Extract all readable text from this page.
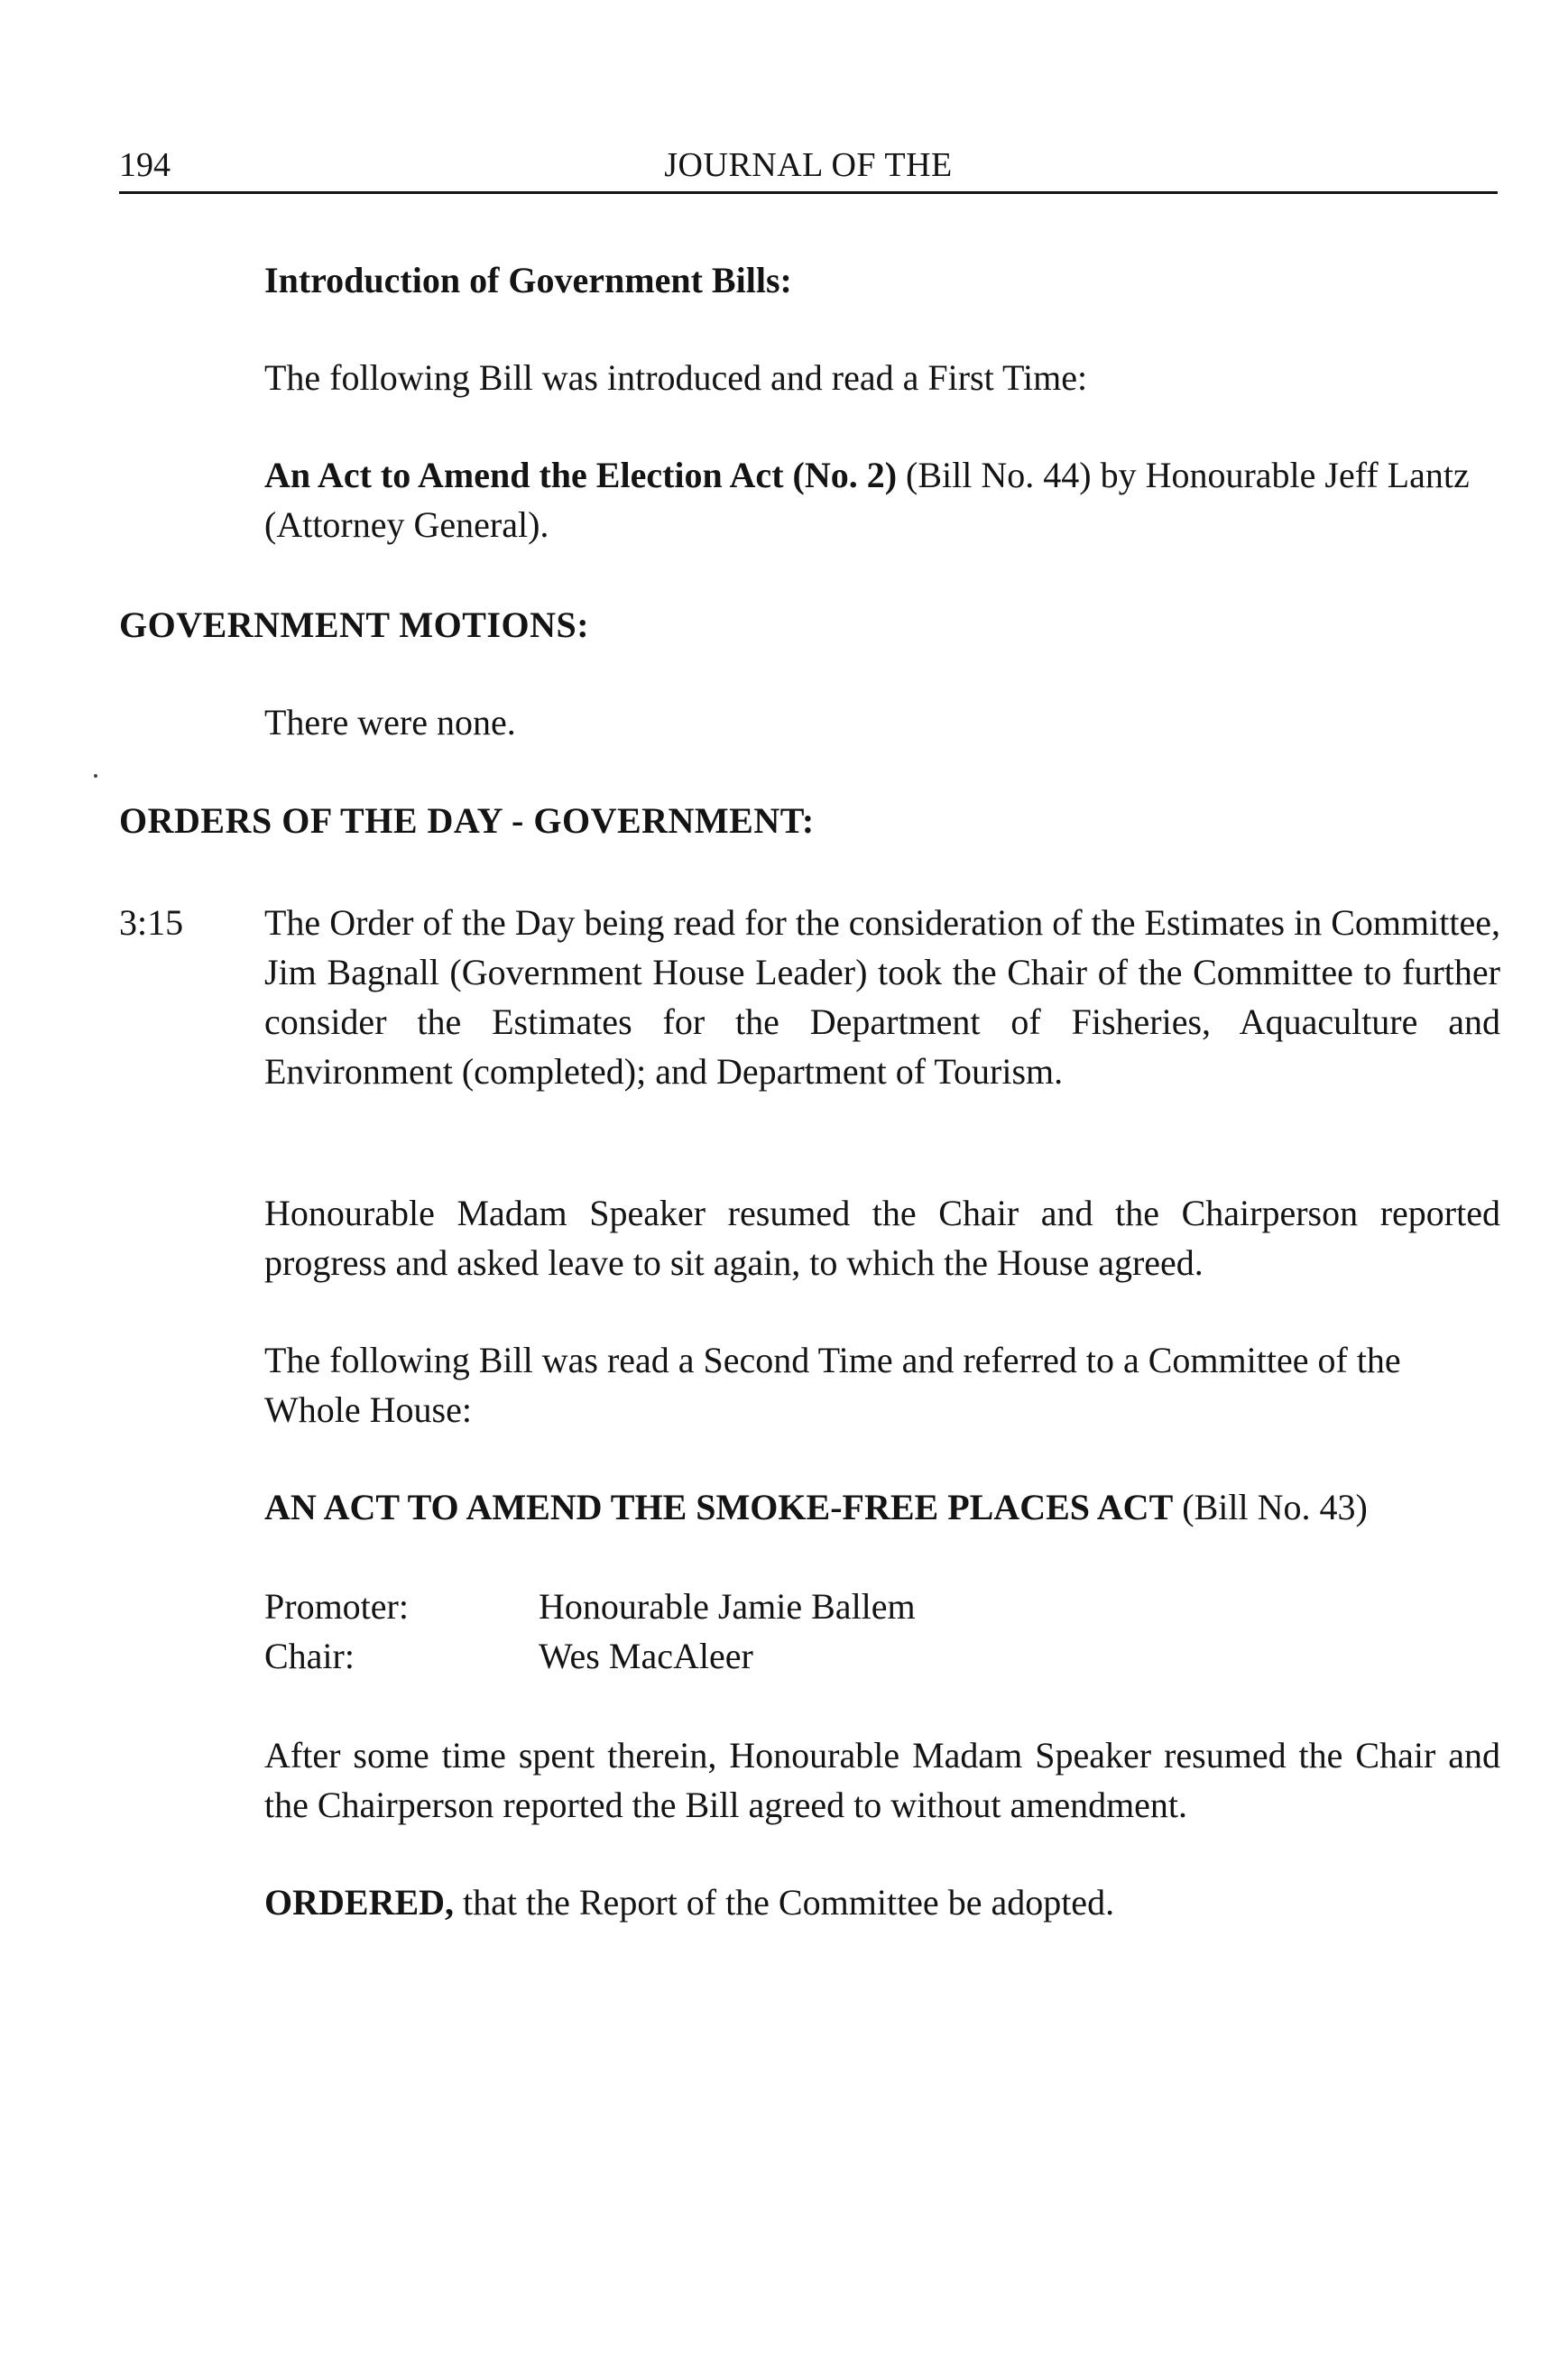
194	JOURNAL OF THE
Introduction of Government Bills:
The following Bill was introduced and read a First Time:
An Act to Amend the Election Act (No. 2) (Bill No. 44) by Honourable Jeff Lantz (Attorney General).
GOVERNMENT MOTIONS:
There were none.
ORDERS OF THE DAY - GOVERNMENT:
3:15 The Order of the Day being read for the consideration of the Estimates in Committee, Jim Bagnall (Government House Leader) took the Chair of the Committee to further consider the Estimates for the Department of Fisheries, Aquaculture and Environment (completed); and Department of Tourism.
Honourable Madam Speaker resumed the Chair and the Chairperson reported progress and asked leave to sit again, to which the House agreed.
The following Bill was read a Second Time and referred to a Committee of the Whole House:
AN ACT TO AMEND THE SMOKE-FREE PLACES ACT (Bill No. 43)
Promoter:	Honourable Jamie Ballem
Chair:	Wes MacAleer
After some time spent therein, Honourable Madam Speaker resumed the Chair and the Chairperson reported the Bill agreed to without amendment.
ORDERED, that the Report of the Committee be adopted.
